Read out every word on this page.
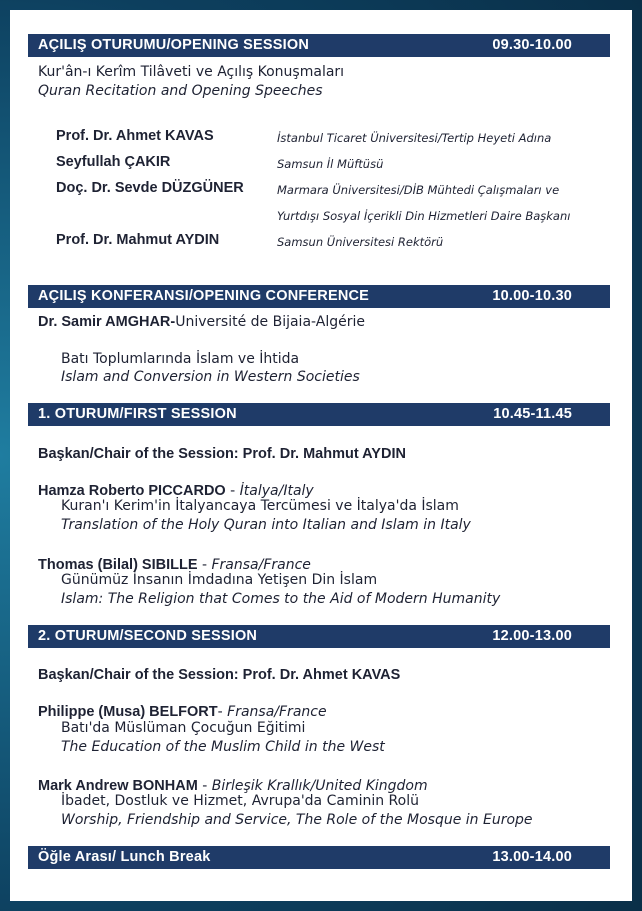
AÇILIŞ OTURUMU/OPENING SESSION	09.30-10.00
Kur'ân-ı Kerîm Tilâveti ve Açılış Konuşmaları
Quran Recitation and Opening Speeches
Prof. Dr. Ahmet KAVAS	İstanbul Ticaret Üniversitesi/Tertip Heyeti Adına
Seyfullah ÇAKIR	Samsun İl Müftüsü
Doç. Dr. Sevde DÜZGÜNER	Marmara Üniversitesi/DİB Mühtedi Çalışmaları ve
Yurtdışı Sosyal İçerikli Din Hizmetleri Daire Başkanı
Prof. Dr. Mahmut AYDIN	Samsun Üniversitesi Rektörü
AÇILIŞ KONFERANSI/OPENING CONFERENCE	10.00-10.30
Dr. Samir AMGHAR-Université de Bijaia-Algérie
Batı Toplumlarında İslam ve İhtida
Islam and Conversion in Western Societies
1. OTURUM/FIRST SESSION	10.45-11.45
Başkan/Chair of the Session: Prof. Dr. Mahmut AYDIN
Hamza Roberto PICCARDO - İtalya/Italy
Kuran'ı Kerim'in İtalyancaya Tercümesi ve İtalya'da İslam
Translation of the Holy Quran into Italian and Islam in Italy
Thomas (Bilal) SIBILLE - Fransa/France
Günümüz İnsanın İmdadına Yetişen Din İslam
Islam: The Religion that Comes to the Aid of Modern Humanity
2. OTURUM/SECOND SESSION	12.00-13.00
Başkan/Chair of the Session: Prof. Dr. Ahmet KAVAS
Philippe (Musa) BELFORT- Fransa/France
Batı'da Müslüman Çocuğun Eğitimi
The Education of the Muslim Child in the West
Mark Andrew BONHAM - Birleşik Krallık/United Kingdom
İbadet, Dostluk ve Hizmet, Avrupa'da Caminin Rolü
Worship, Friendship and Service, The Role of the Mosque in Europe
Öğle Arası/ Lunch Break	13.00-14.00
